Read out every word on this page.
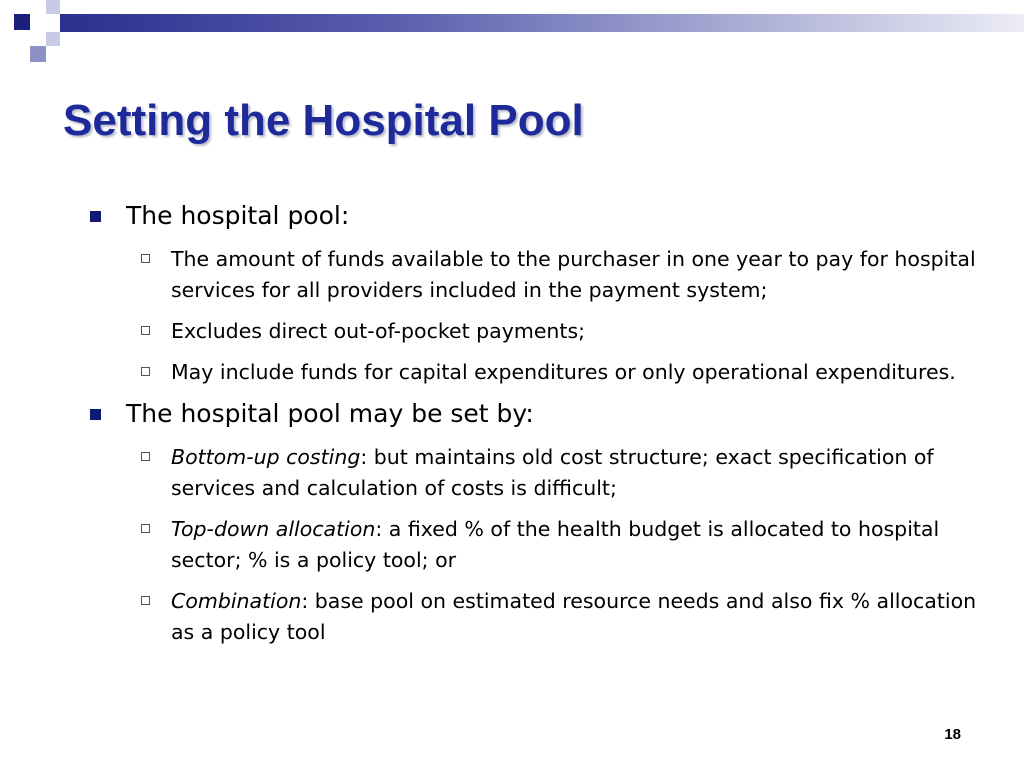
Setting the Hospital Pool
The hospital pool:
The amount of funds available to the purchaser in one year to pay for hospital services for all providers included in the payment system;
Excludes direct out-of-pocket payments;
May include funds for capital expenditures or only operational expenditures.
The hospital pool may be set by:
Bottom-up costing: but maintains old cost structure; exact specification of services and calculation of costs is difficult;
Top-down allocation: a fixed % of the health budget is allocated to hospital sector; % is a policy tool; or
Combination: base pool on estimated resource needs and also fix % allocation as a policy tool
18
